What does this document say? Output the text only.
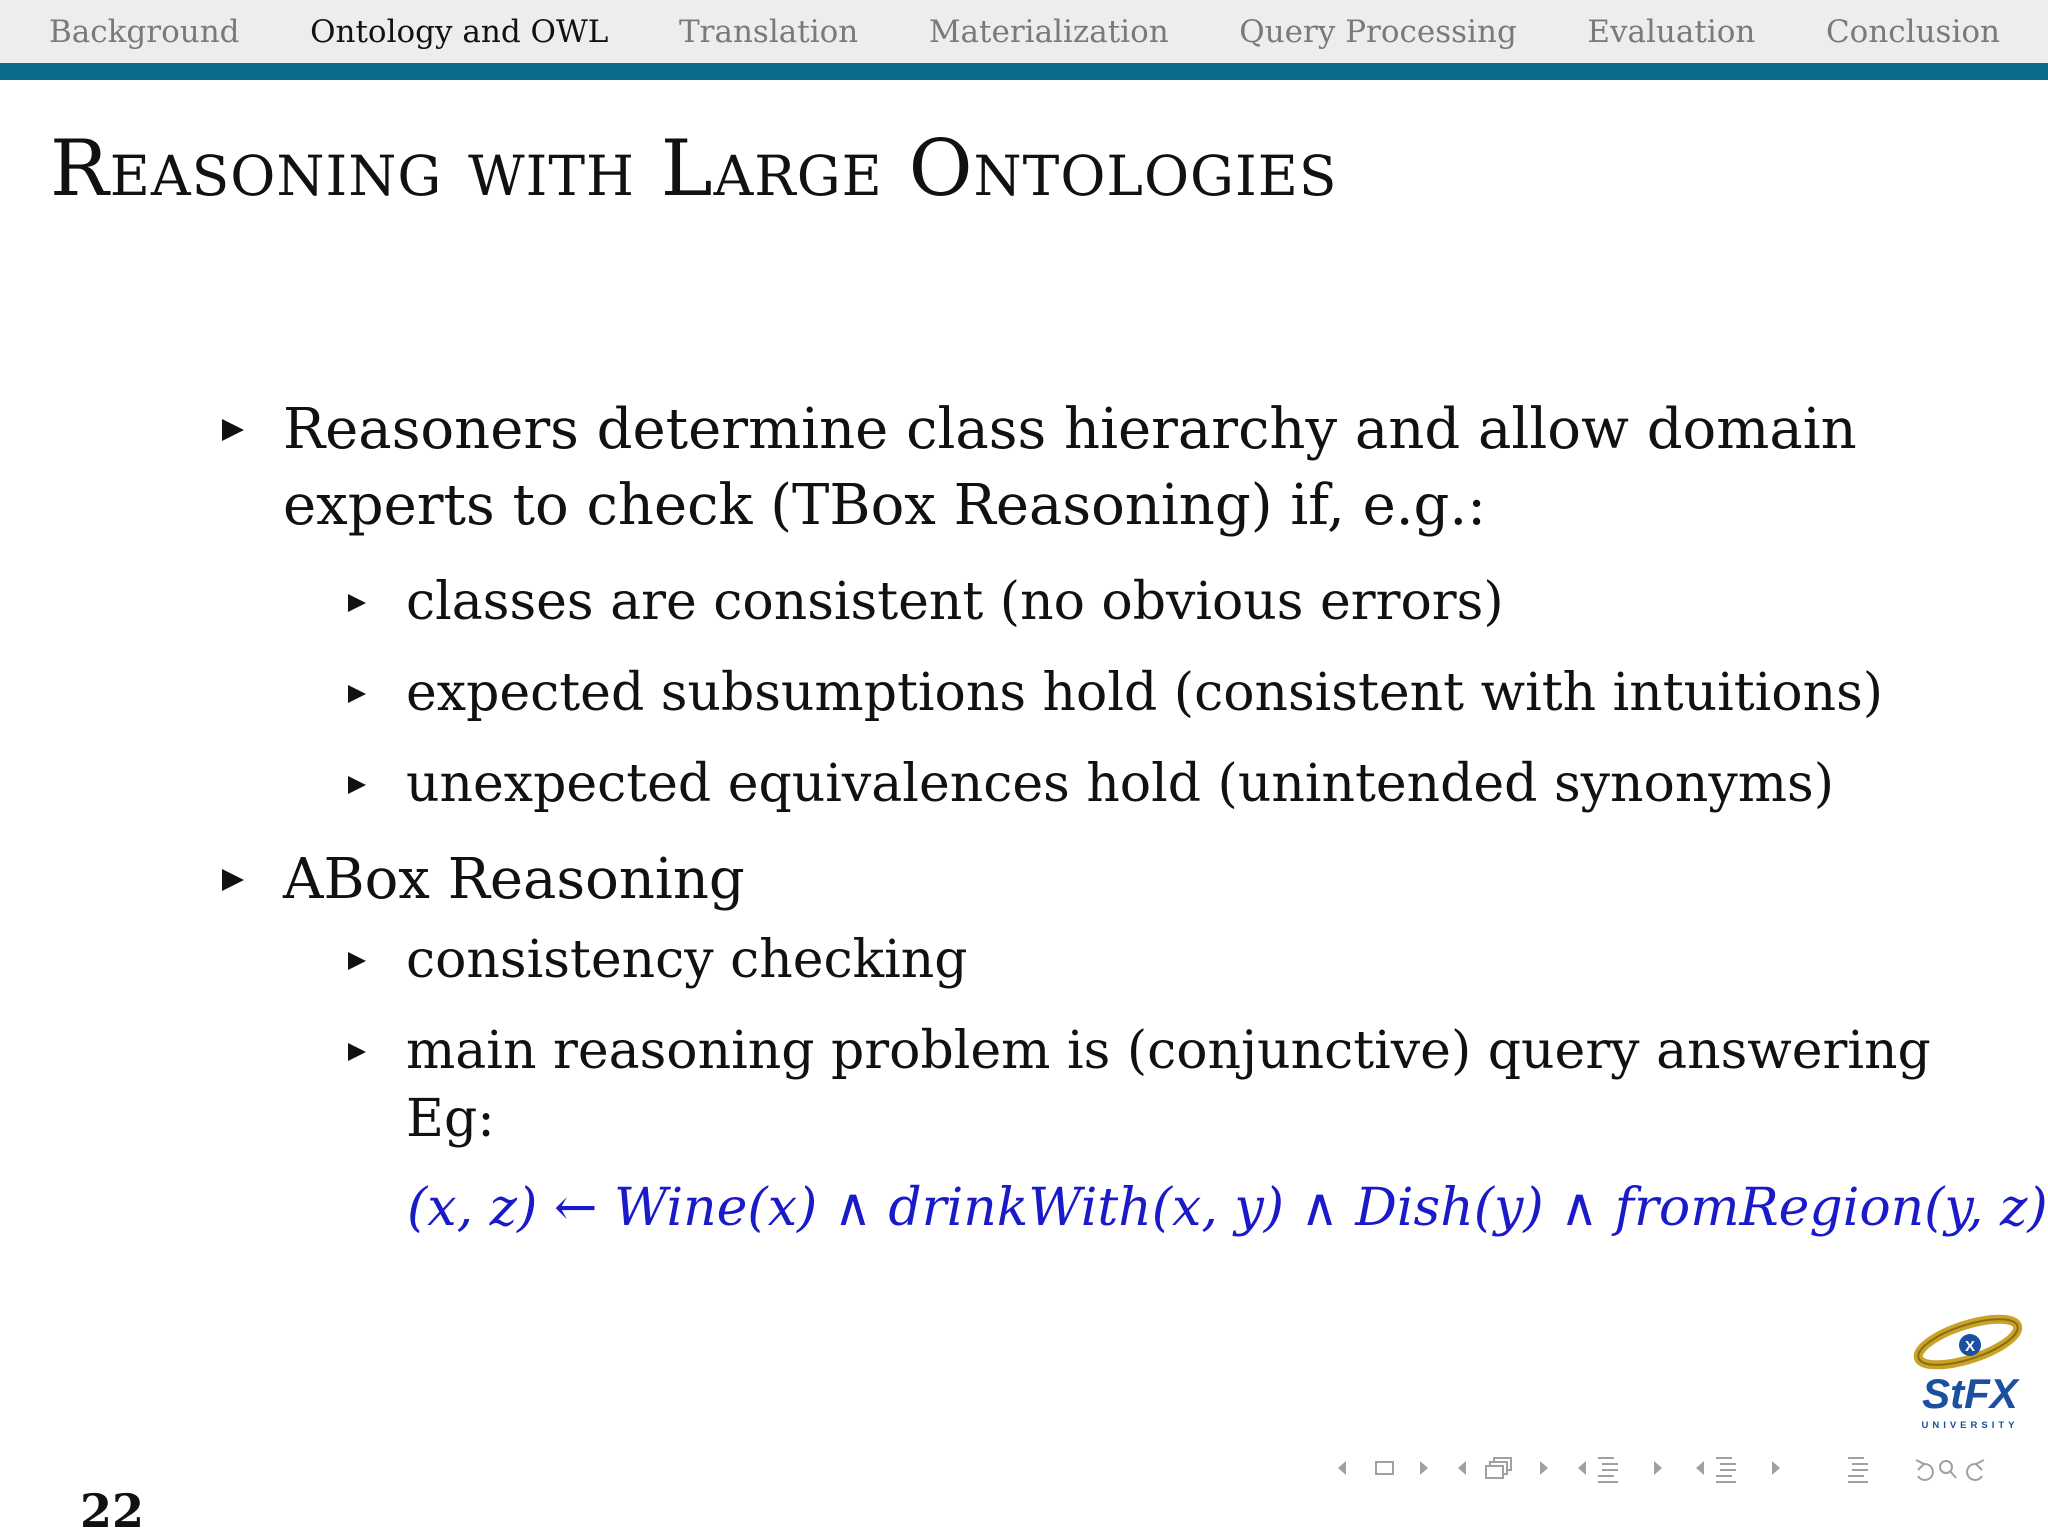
Background Ontology and OWL Translation Materialization Query Processing Evaluation Conclusion
Reasoning with Large Ontologies
Reasoners determine class hierarchy and allow domain
experts to check (TBox Reasoning) if, e.g.:
classes are consistent (no obvious errors)
expected subsumptions hold (consistent with intuitions)
unexpected equivalences hold (unintended synonyms)
ABox Reasoning
consistency checking
main reasoning problem is (conjunctive) query answering
Eg:
(x, z) ← Wine(x) ∧ drinkWith(x, y) ∧ Dish(y) ∧ fromRegion(y, z)
22
X
StFX
UNIVERSITY
